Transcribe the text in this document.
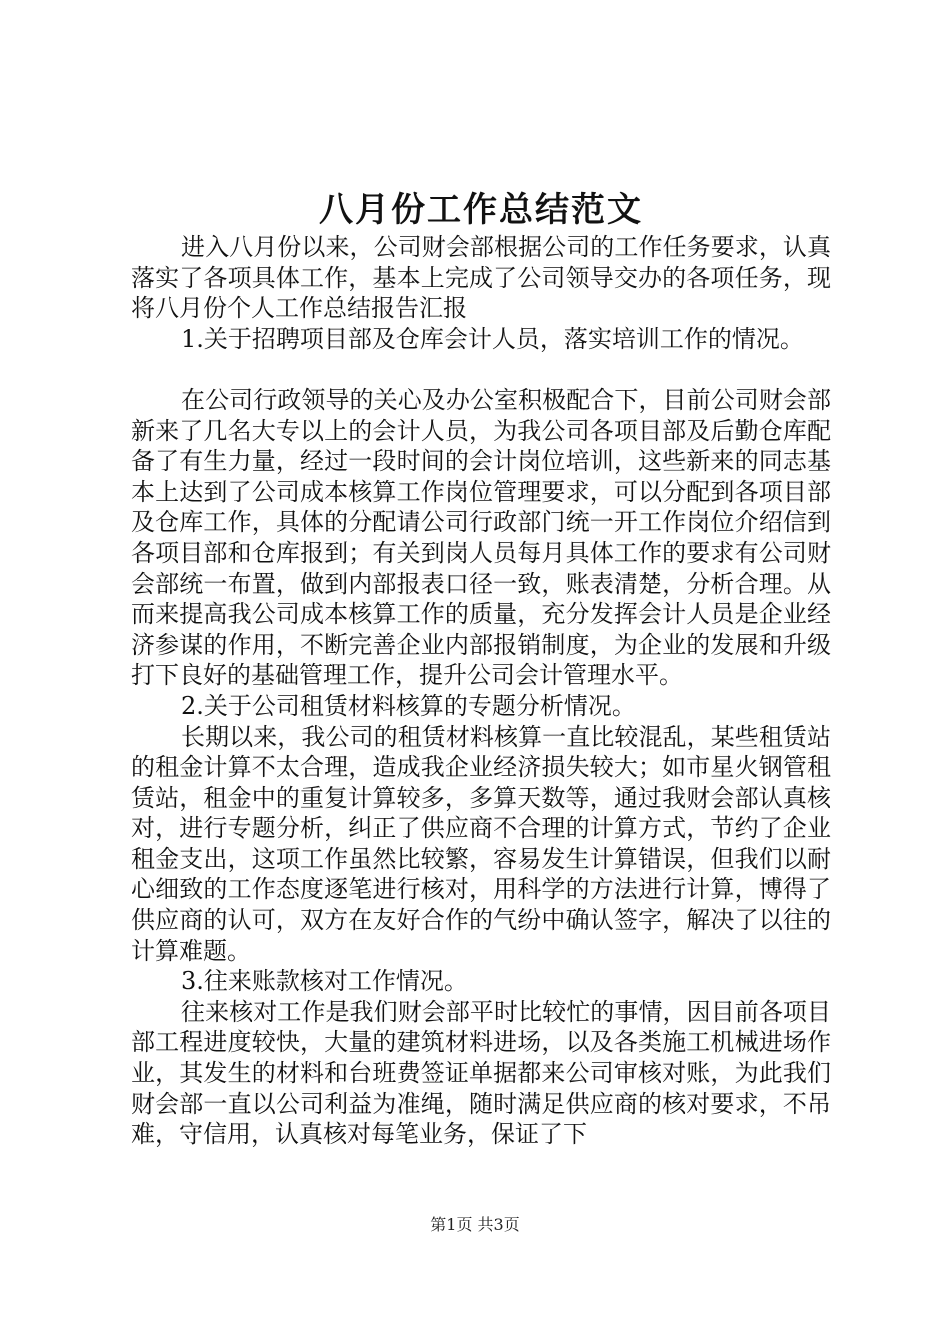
八月份工作总结范文

进入八月份以来，公司财会部根据公司的工作任务要求，认真落实了各项具体工作，基本上完成了公司领导交办的各项任务，现将八月份个人工作总结报告汇报

1.关于招聘项目部及仓库会计人员，落实培训工作的情况。

在公司行政领导的关心及办公室积极配合下，目前公司财会部新来了几名大专以上的会计人员，为我公司各项目部及后勤仓库配备了有生力量，经过一段时间的会计岗位培训，这些新来的同志基本上达到了公司成本核算工作岗位管理要求，可以分配到各项目部及仓库工作，具体的分配请公司行政部门统一开工作岗位介绍信到各项目部和仓库报到；有关到岗人员每月具体工作的要求有公司财会部统一布置，做到内部报表口径一致，账表清楚，分析合理。从而来提高我公司成本核算工作的质量，充分发挥会计人员是企业经济参谋的作用，不断完善企业内部报销制度，为企业的发展和升级打下良好的基础管理工作，提升公司会计管理水平。

2.关于公司租赁材料核算的专题分析情况。

长期以来，我公司的租赁材料核算一直比较混乱，某些租赁站的租金计算不太合理，造成我企业经济损失较大；如市星火钢管租赁站，租金中的重复计算较多，多算天数等，通过我财会部认真核对，进行专题分析，纠正了供应商不合理的计算方式，节约了企业租金支出，这项工作虽然比较繁，容易发生计算错误，但我们以耐心细致的工作态度逐笔进行核对，用科学的方法进行计算，博得了供应商的认可，双方在友好合作的气纷中确认签字，解决了以往的计算难题。

3.往来账款核对工作情况。

往来核对工作是我们财会部平时比较忙的事情，因目前各项目部工程进度较快，大量的建筑材料进场，以及各类施工机械进场作业，其发生的材料和台班费签证单据都来公司审核对账，为此我们财会部一直以公司利益为准绳，随时满足供应商的核对要求，不吊难，守信用，认真核对每笔业务，保证了下

第1页 共3页
